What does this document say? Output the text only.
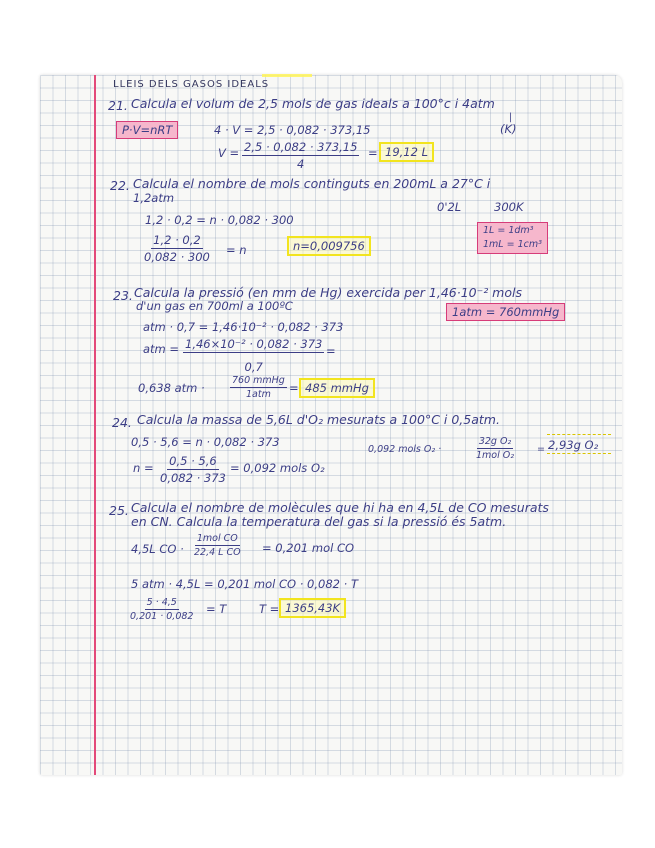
LLEIS DELS GASOS IDEALS
21. Calcula el volum de 2,5 mols de gas ideals a 100°c i 4atm
|
(K)
P·V=nRT	4 · V = 2,5 · 0,082 · 373,15
$V = \frac{2,5 \cdot 0,082 \cdot 373,15}{4} = 19,12$ L
22. Calcula el nombre de mols continguts en 200mL a 27°C i
1,2atm
0'2L	300K
1,2 · 0,2 = n · 0,082 · 300
$\frac{1,2 \cdot 0,2}{0,082 \cdot 300} = n$	n=0,009756
1L = 1dm³
1mL = 1cm³
23. Calcula la pressió (en mm de Hg) exercida per 1,46·10⁻² mols
d'un gas en 700ml a 100ºC	1atm = 760mmHg
atm · 0,7 = 1,46·10⁻² · 0,082 · 373
atm = $\frac{\text{1,46×10⁻² · 0,082 · 373}}{0,7}$ =
0,638 atm ·
760 mmHg
1atm = 485 mmHg
24. Calcula la massa de 5,6L d'O₂ mesurats a 100°C i 0,5atm.
0,5 · 5,6 = n · 0,082 · 373
$n = \frac{0,5 \cdot 5,6}{0,082 \cdot 373} = 0,092$ mols O₂
0,092 mols O₂ ·
32g O₂
1mol O₂
= 2,93g O₂
25. Calcula el nombre de molècules que hi ha en 4,5L de CO mesurats
en CN. Calcula la temperatura del gas si la pressió és 5atm.
4,5L CO ·
1mol CO
22,4 L CO = 0,201 mol CO
5 atm · 4,5L = 0,201 mol CO · 0,082 · T
$\frac{5 \cdot 4,5}{0,201 \cdot 0,082} = T$	T = 1365,43K
